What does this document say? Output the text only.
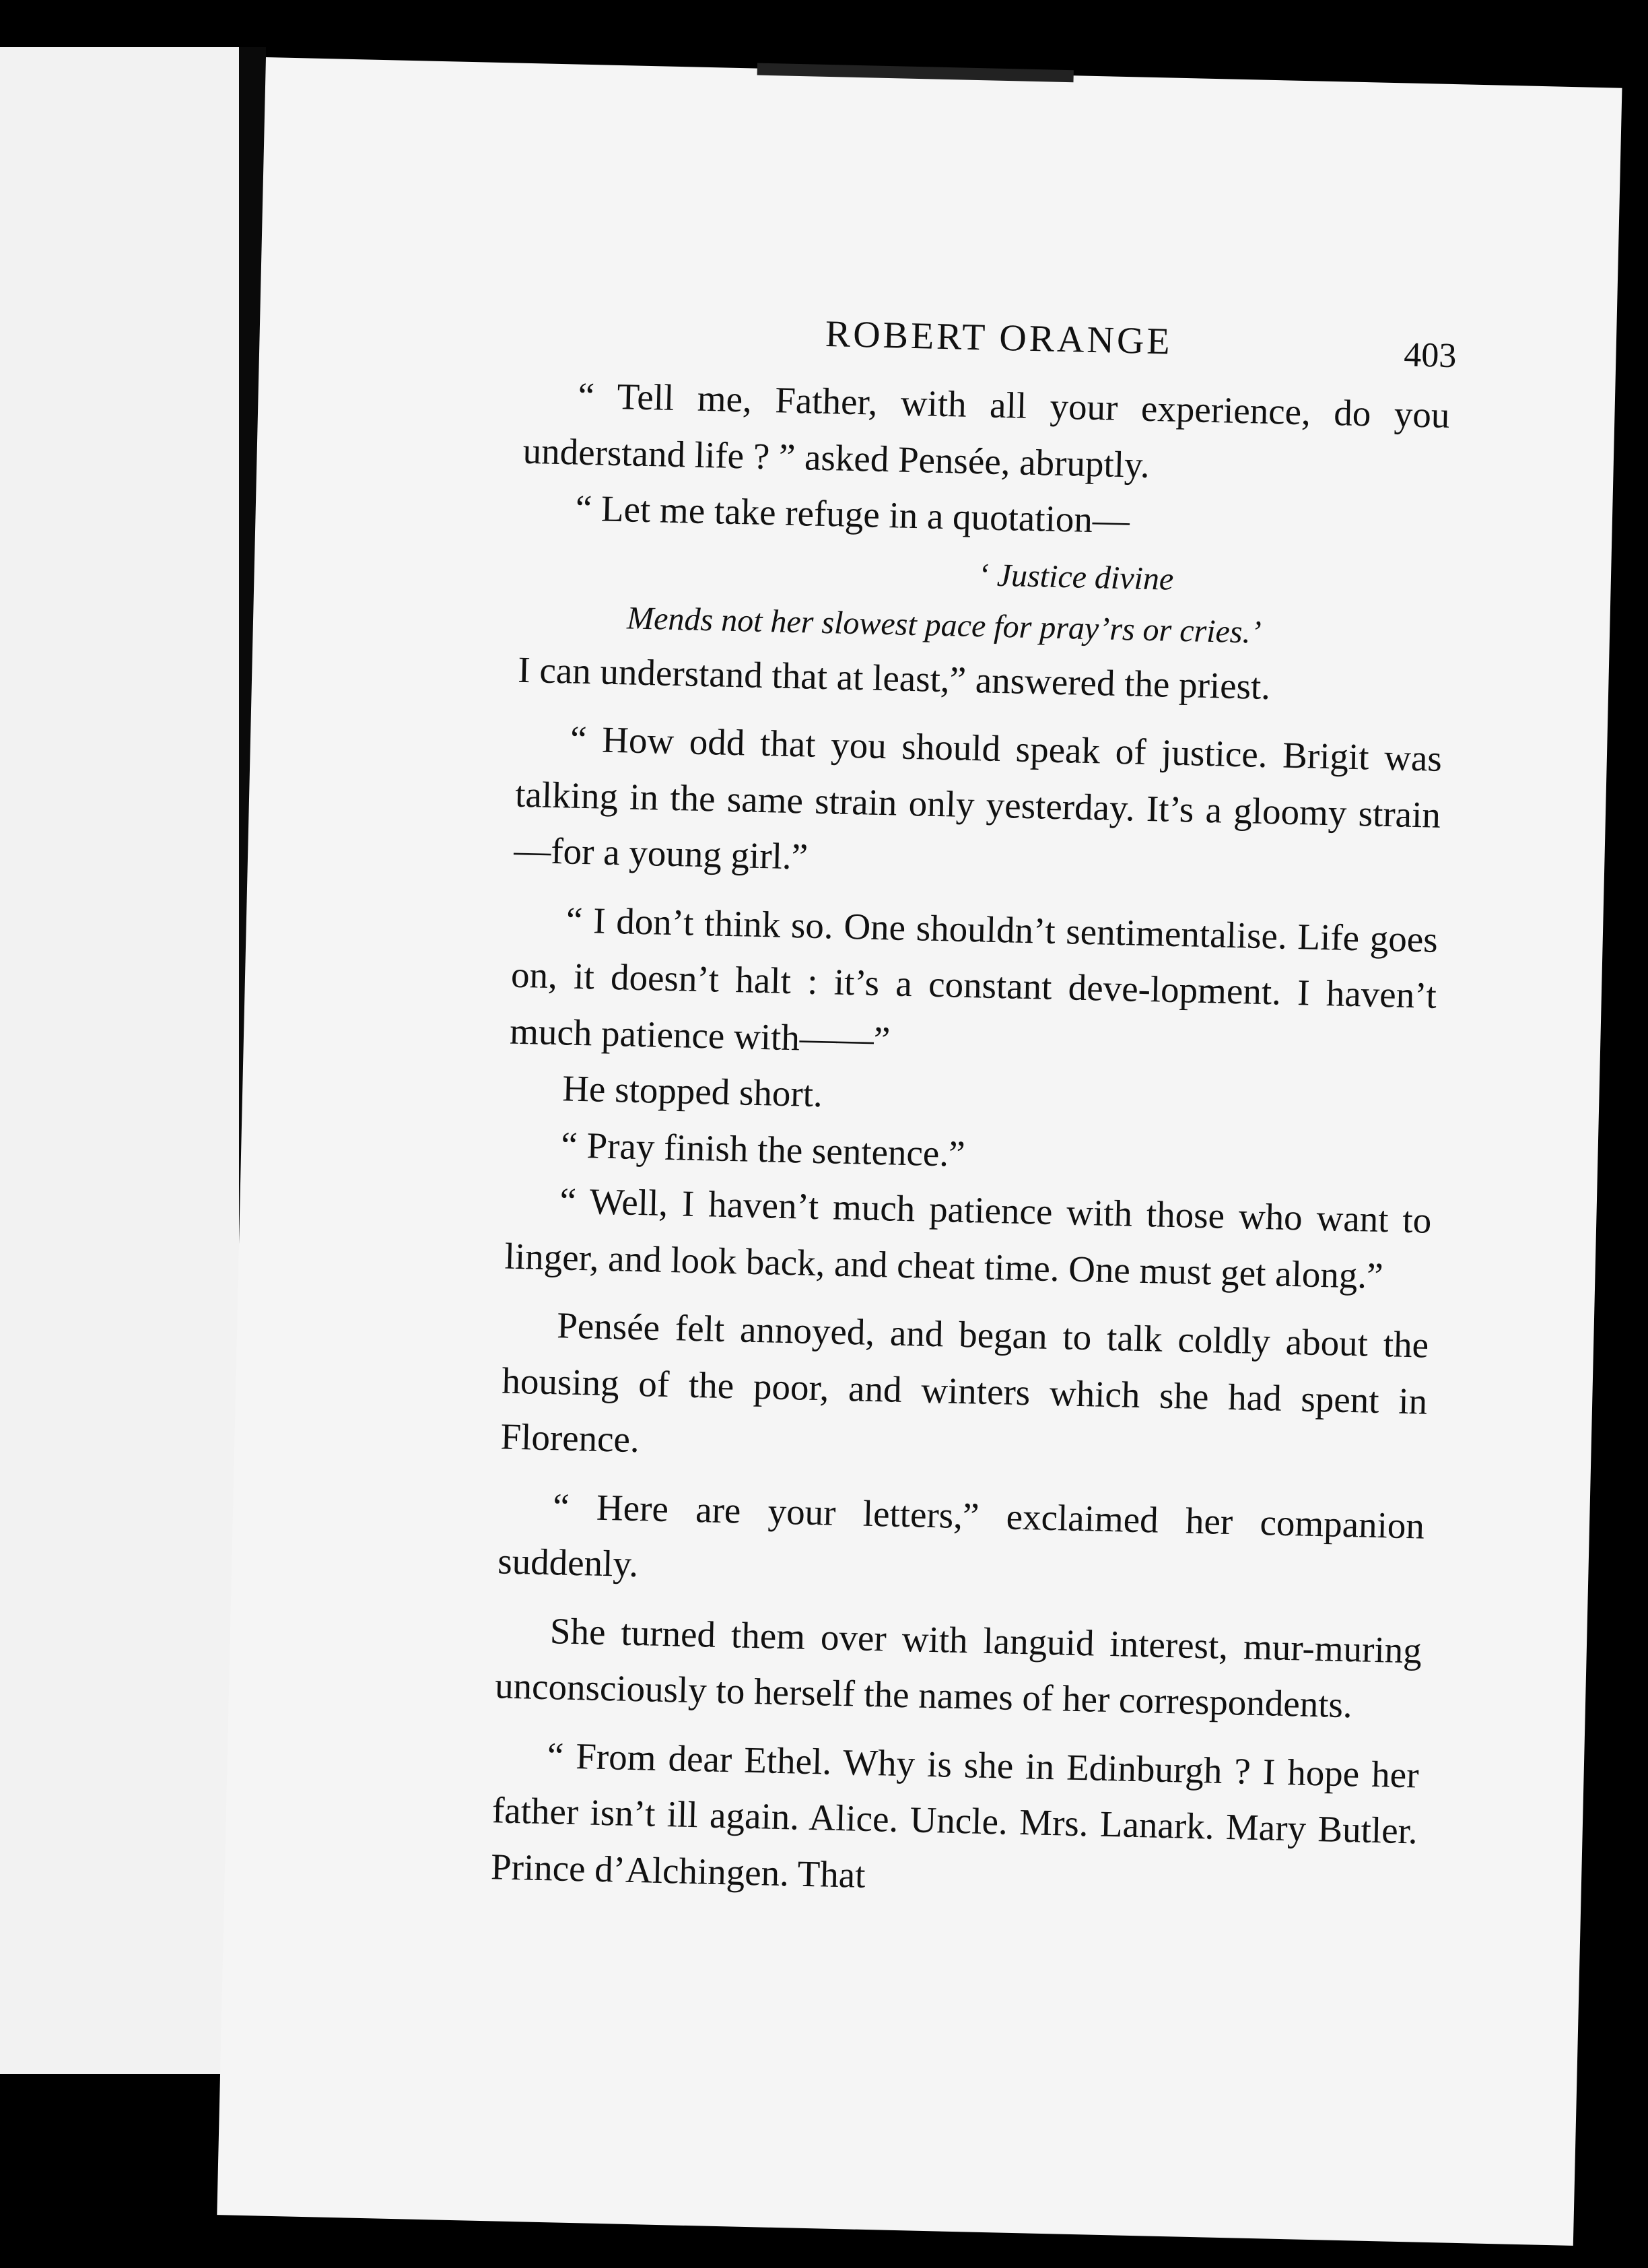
ROBERT ORANGE	403

“ Tell me, Father, with all your experience, do you understand life ? ” asked Pensée, abruptly.

“ Let me take refuge in a quotation—

‘ Justice divine
Mends not her slowest pace for pray’rs or cries.’

I can understand that at least,” answered the priest.

“ How odd that you should speak of justice. Brigit was talking in the same strain only yesterday. It’s a gloomy strain—for a young girl.”

“ I don’t think so. One shouldn’t sentimentalise. Life goes on, it doesn’t halt : it’s a constant deve-lopment. I haven’t much patience with——”

He stopped short.

“ Pray finish the sentence.”

“ Well, I haven’t much patience with those who want to linger, and look back, and cheat time. One must get along.”

Pensée felt annoyed, and began to talk coldly about the housing of the poor, and winters which she had spent in Florence.

“ Here are your letters,” exclaimed her companion suddenly.

She turned them over with languid interest, mur-muring unconsciously to herself the names of her correspondents.

“ From dear Ethel. Why is she in Edinburgh ? I hope her father isn’t ill again. Alice. Uncle. Mrs. Lanark. Mary Butler. Prince d’Alchingen. That
